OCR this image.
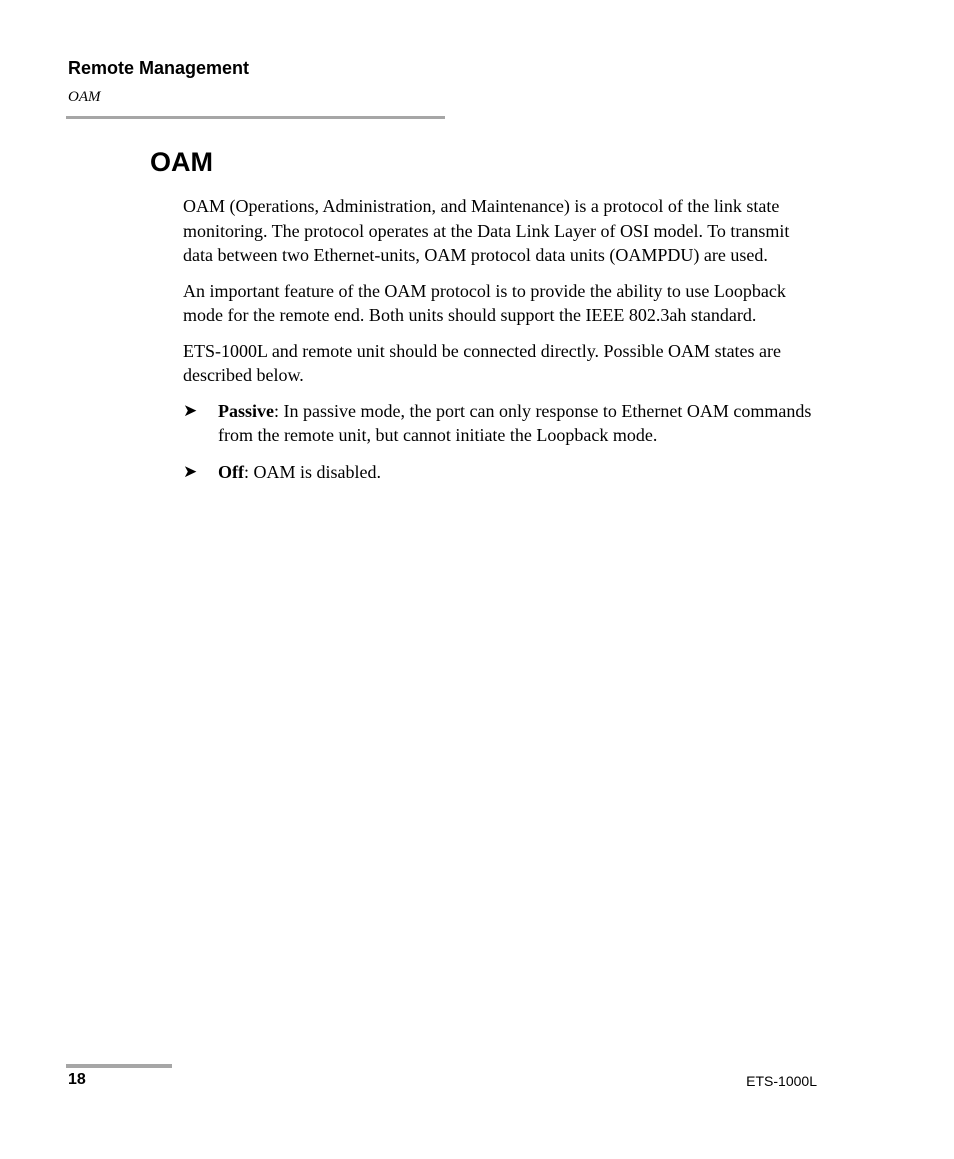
Remote Management
OAM
OAM

OAM (Operations, Administration, and Maintenance) is a protocol of the link state monitoring. The protocol operates at the Data Link Layer of OSI model. To transmit data between two Ethernet-units, OAM protocol data units (OAMPDU) are used.

An important feature of the OAM protocol is to provide the ability to use Loopback mode for the remote end. Both units should support the IEEE 802.3ah standard.

ETS-1000L and remote unit should be connected directly. Possible OAM states are described below.

➤ Passive: In passive mode, the port can only response to Ethernet OAM commands from the remote unit, but cannot initiate the Loopback mode.
➤ Off: OAM is disabled.
18	ETS-1000L
